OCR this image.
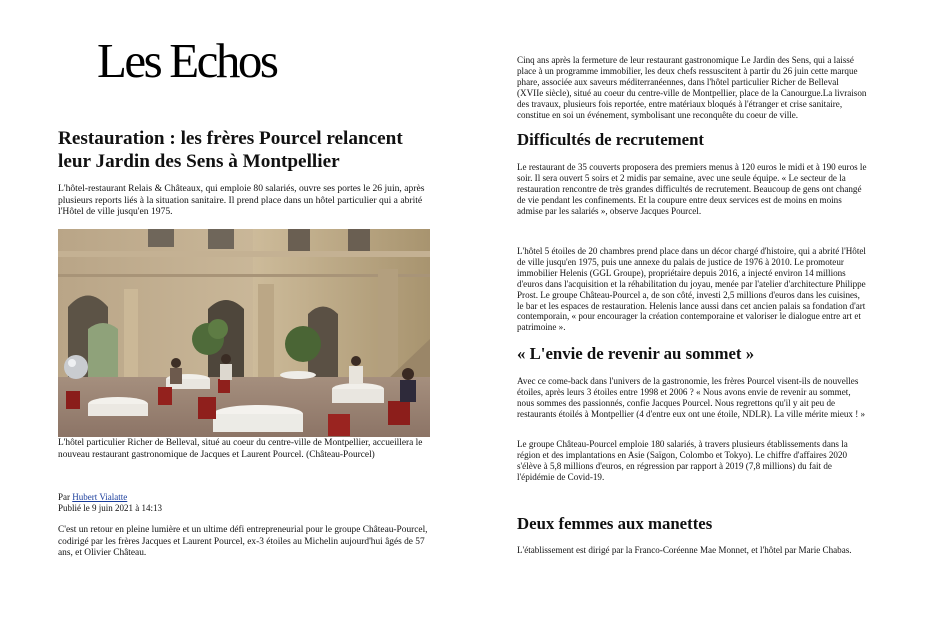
Les Echos
Restauration : les frères Pourcel relancent leur Jardin des Sens à Montpellier

L'hôtel-restaurant Relais & Châteaux, qui emploie 80 salariés, ouvre ses portes le 26 juin, après plusieurs reports liés à la situation sanitaire. Il prend place dans un hôtel particulier qui a abrité l'Hôtel de ville jusqu'en 1975.

L'hôtel particulier Richer de Belleval, situé au coeur du centre-ville de Montpellier, accueillera le nouveau restaurant gastronomique de Jacques et Laurent Pourcel. (Château-Pourcel)

Par Hubert Vialatte
Publié le 9 juin 2021 à 14:13

C'est un retour en pleine lumière et un ultime défi entrepreneurial pour le groupe Château-Pourcel, codirigé par les frères Jacques et Laurent Pourcel, ex-3 étoiles au Michelin aujourd'hui âgés de 57 ans, et Olivier Château.

Cinq ans après la fermeture de leur restaurant gastronomique Le Jardin des Sens, qui a laissé place à un programme immobilier, les deux chefs ressuscitent à partir du 26 juin cette marque phare, associée aux saveurs méditerranéennes, dans l'hôtel particulier Richer de Belleval (XVIIe siècle), situé au coeur du centre-ville de Montpellier, place de la Canourgue.La livraison des travaux, plusieurs fois reportée, entre matériaux bloqués à l'étranger et crise sanitaire, constitue en soi un événement, symbolisant une reconquête du coeur de ville.

Difficultés de recrutement

Le restaurant de 35 couverts proposera des premiers menus à 120 euros le midi et à 190 euros le soir. Il sera ouvert 5 soirs et 2 midis par semaine, avec une seule équipe. « Le secteur de la restauration rencontre de très grandes difficultés de recrutement. Beaucoup de gens ont changé de vie pendant les confinements. Et la coupure entre deux services est de moins en moins admise par les salariés », observe Jacques Pourcel.

L'hôtel 5 étoiles de 20 chambres prend place dans un décor chargé d'histoire, qui a abrité l'Hôtel de ville jusqu'en 1975, puis une annexe du palais de justice de 1976 à 2010. Le promoteur immobilier Helenis (GGL Groupe), propriétaire depuis 2016, a injecté environ 14 millions d'euros dans l'acquisition et la réhabilitation du joyau, menée par l'atelier d'architecture Philippe Prost. Le groupe Château-Pourcel a, de son côté, investi 2,5 millions d'euros dans les cuisines, le bar et les espaces de restauration. Helenis lance aussi dans cet ancien palais sa fondation d'art contemporain, « pour encourager la création contemporaine et valoriser le dialogue entre art et patrimoine ».

« L'envie de revenir au sommet »

Avec ce come-back dans l'univers de la gastronomie, les frères Pourcel visent-ils de nouvelles étoiles, après leurs 3 étoiles entre 1998 et 2006 ? « Nous avons envie de revenir au sommet, nous sommes des passionnés, confie Jacques Pourcel. Nous regrettons qu'il y ait peu de restaurants étoilés à Montpellier (4 d'entre eux ont une étoile, NDLR). La ville mérite mieux ! »

Le groupe Château-Pourcel emploie 180 salariés, à travers plusieurs établissements dans la région et des implantations en Asie (Saïgon, Colombo et Tokyo). Le chiffre d'affaires 2020 s'élève à 5,8 millions d'euros, en régression par rapport à 2019 (7,8 millions) du fait de l'épidémie de Covid-19.

Deux femmes aux manettes

L'établissement est dirigé par la Franco-Coréenne Mae Monnet, et l'hôtel par Marie Chabas.
